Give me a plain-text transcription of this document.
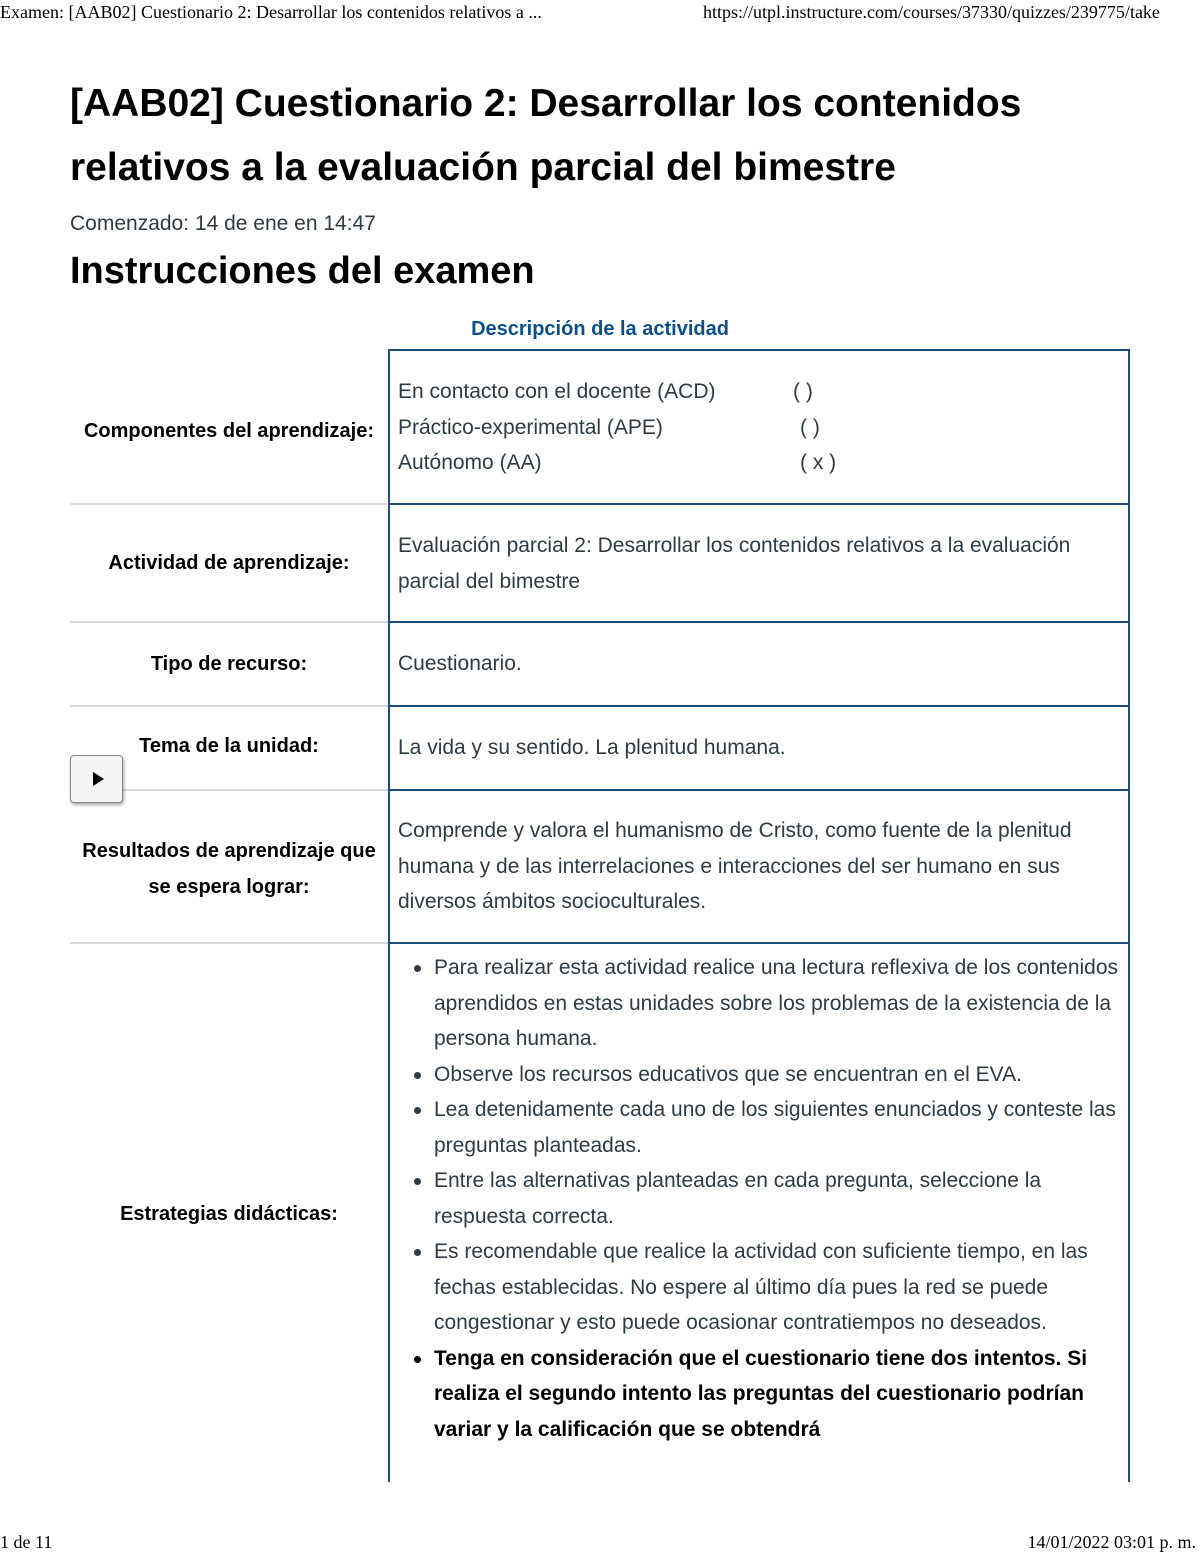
Examen: [AAB02] Cuestionario 2: Desarrollar los contenidos relativos a ...	https://utpl.instructure.com/courses/37330/quizzes/239775/take
[AAB02] Cuestionario 2: Desarrollar los contenidos relativos a la evaluación parcial del bimestre
Comenzado: 14 de ene en 14:47
Instrucciones del examen
Descripción de la actividad
Componentes del aprendizaje:
En contacto con el docente (ACD)	( )
Práctico-experimental (APE)	( )
Autónomo (AA)	( x )
Actividad de aprendizaje:
Evaluación parcial 2: Desarrollar los contenidos relativos a la evaluación parcial del bimestre
Tipo de recurso:	Cuestionario.
Tema de la unidad:	La vida y su sentido. La plenitud humana.
Resultados de aprendizaje que se espera lograr:
Comprende y valora el humanismo de Cristo, como fuente de la plenitud humana y de las interrelaciones e interacciones del ser humano en sus diversos ámbitos socioculturales.
Estrategias didácticas:
Para realizar esta actividad realice una lectura reflexiva de los contenidos aprendidos en estas unidades sobre los problemas de la existencia de la persona humana.
Observe los recursos educativos que se encuentran en el EVA.
Lea detenidamente cada uno de los siguientes enunciados y conteste las preguntas planteadas.
Entre las alternativas planteadas en cada pregunta, seleccione la respuesta correcta.
Es recomendable que realice la actividad con suficiente tiempo, en las fechas establecidas. No espere al último día pues la red se puede congestionar y esto puede ocasionar contratiempos no deseados.
Tenga en consideración que el cuestionario tiene dos intentos. Si realiza el segundo intento las preguntas del cuestionario podrían variar y la calificación que se obtendrá
1 de 11	14/01/2022 03:01 p. m.
